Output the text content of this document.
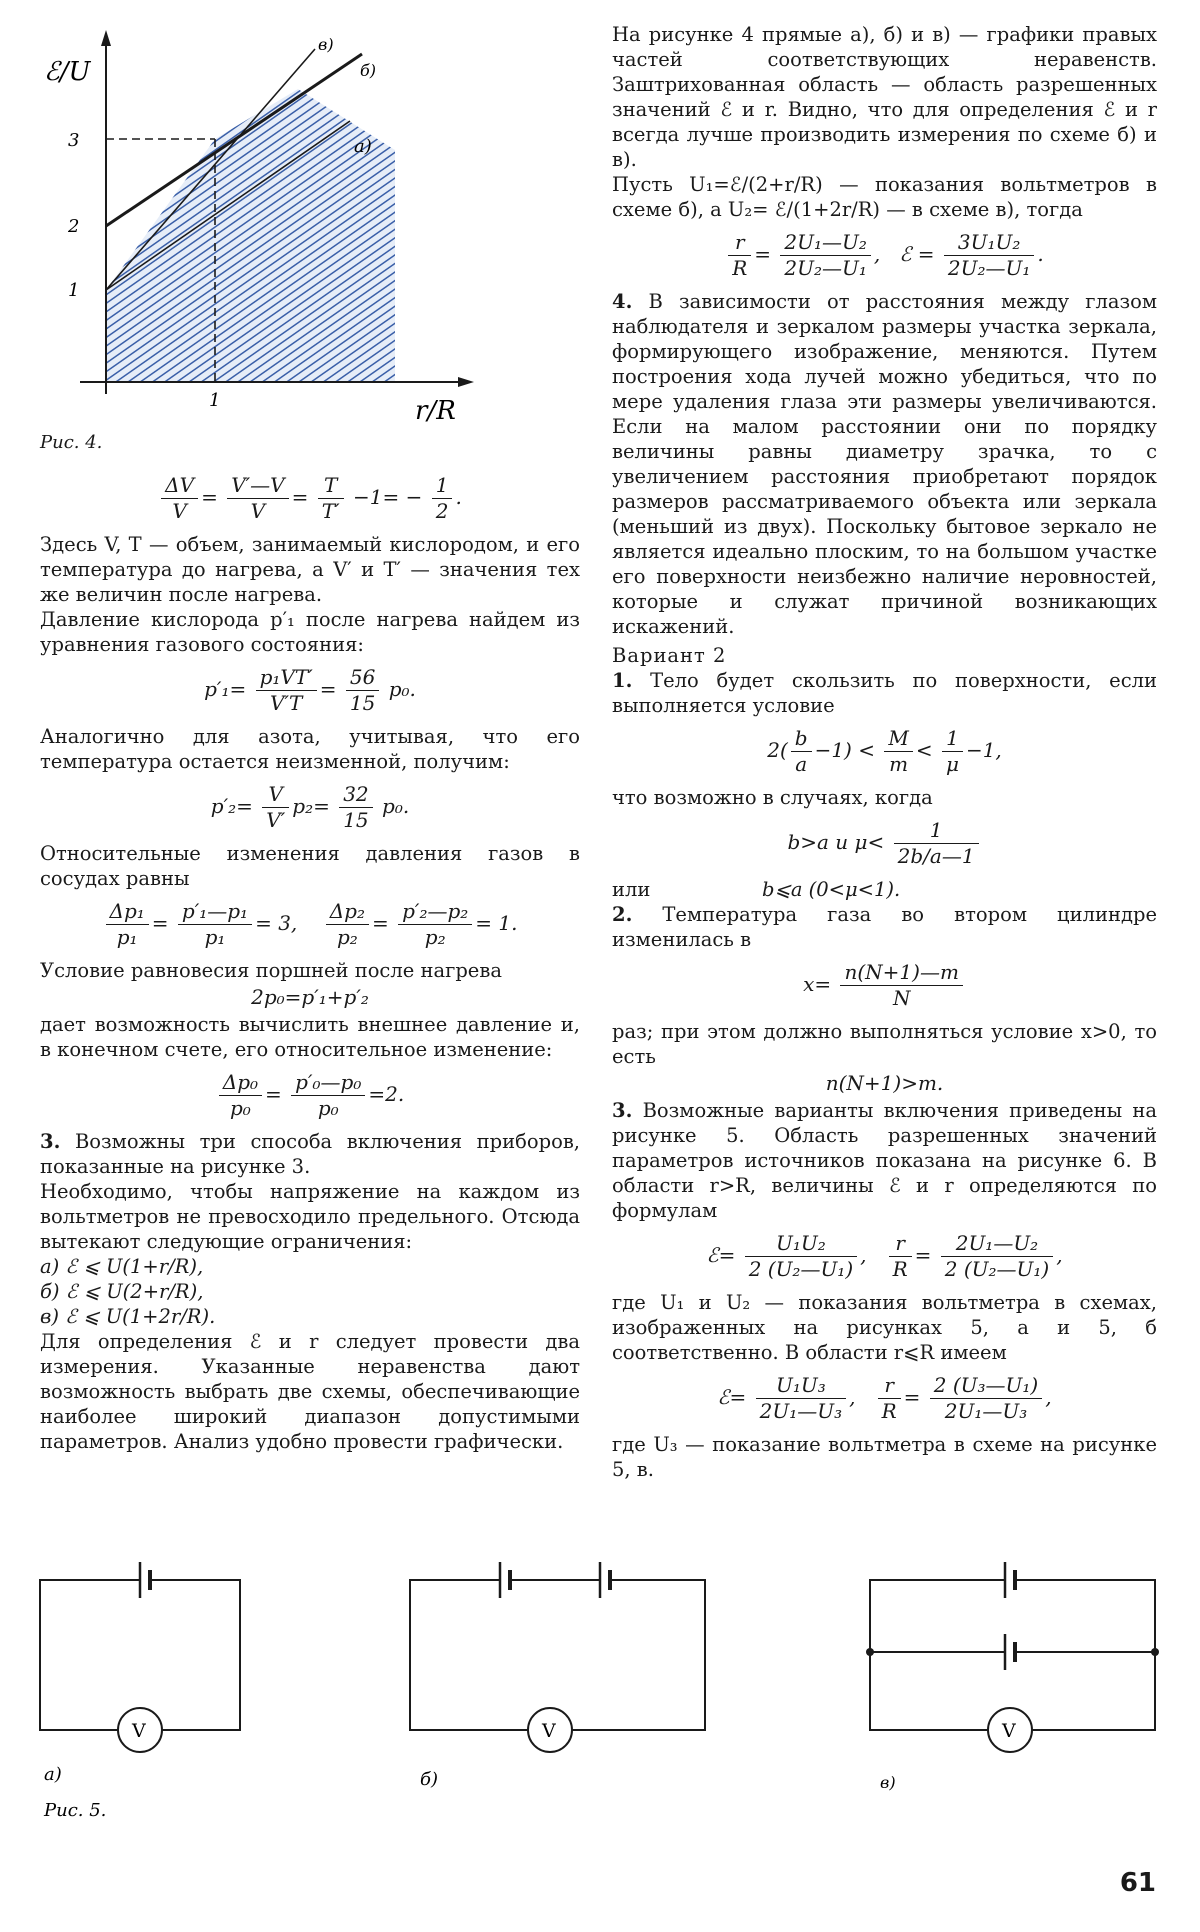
ℰ/U
r/R
1
2
3
1
в)
б)
а)
Рис. 4.
$\frac{\Delta V}{V} = \frac{V'—V}{V} = \frac{T}{T'} -1= - \frac{1}{2}$ .

Здесь V, T — объем, занимаемый кислородом, и его температура до нагрева, а V′ и T′ — значения тех же величин после нагрева.

Давление кислорода p′₁ после нагрева найдем из уравнения газового состояния:

$p'_1= \frac{\text{p₁VT′}}{V'T} = \frac{56}{15} p_0$.

Аналогично для азота, учитывая, что его температура остается неизменной, получим:

$p'_2= \frac{V}{V'} p_2= \frac{32}{15} p_0$.

Относительные изменения давления газов в сосудах равны

$\frac{\text{Δp₁}}{\text{p₁}} = \frac{\text{p′₁—p₁}}{\text{p₁}} = 3$, $\frac{\text{Δp₂}}{\text{p₂}} = \frac{\text{p′₂—p₂}}{\text{p₂}} = 1$.

Условие равновесия поршней после нагрева

2p₀=p′₁+p′₂

дает возможность вычислить внешнее давление и, в конечном счете, его относительное изменение:

$\frac{\text{Δp₀}}{\text{p₀}} = \frac{\text{p′₀—p₀}}{\text{p₀}} =2$.

3. Возможны три способа включения приборов, показанные на рисунке 3.

Необходимо, чтобы напряжение на каждом из вольтметров не превосходило предельного. Отсюда вытекают следующие ограничения:

а) ℰ ⩽ U(1+r/R),
б) ℰ ⩽ U(2+r/R),
в) ℰ ⩽ U(1+2r/R).

Для определения ℰ и r следует провести два измерения. Указанные неравенства дают возможность выбрать две схемы, обеспечивающие наиболее широкий диапазон допустимыми параметров. Анализ удобно провести графически.

На рисунке 4 прямые а), б) и в) — графики правых частей соответствующих неравенств. Заштрихованная область — область разрешенных значений ℰ и r. Видно, что для определения ℰ и r всегда лучше производить измерения по схеме б) и в).

Пусть U₁=ℰ/(2+r/R) — показания вольтметров в схеме б), а U₂= ℰ/(1+2r/R) — в схеме в), тогда

$\frac{r}{R} = \frac{\text{2U₁—U₂}}{\text{2U₂—U₁}}$ , ℰ = $\frac{\text{3U₁U₂}}{\text{2U₂—U₁}}$ .

4. В зависимости от расстояния между глазом наблюдателя и зеркалом размеры участка зеркала, формирующего изображение, меняются. Путем построения хода лучей можно убедиться, что по мере удаления глаза эти размеры увеличиваются. Если на малом расстоянии они по порядку величины равны диаметру зрачка, то с увеличением расстояния приобретают порядок размеров рассматриваемого объекта или зеркала (меньший из двух). Поскольку бытовое зеркало не является идеально плоским, то на большом участке его поверхности неизбежно наличие неровностей, которые и служат причиной возникающих искажений.

Вариант 2

1. Тело будет скользить по поверхности, если выполняется условие

$2( \frac{b}{a} -1) < \frac{M}{m} < \frac{1}{\mu} -1$,

что возможно в случаях, когда

b>a и $\mu< \frac{1}{2b/a—1}$
или	b⩽a (0<μ<1).

2. Температура газа во втором цилиндре изменилась в

$x= \frac{n(N+1)—m}{N}$

раз; при этом должно выполняться условие x>0, то есть

n(N+1)>m.

3. Возможные варианты включения приведены на рисунке 5. Область разрешенных значений параметров источников показана на рисунке 6. В области r>R, величины ℰ и r определяются по формулам

ℰ= $\frac{\text{U₁U₂}}{\text{2 (U₂—U₁)}}$ , $\frac{r}{R} = \frac{\text{2U₁—U₂}}{\text{2 (U₂—U₁)}}$ ,

где U₁ и U₂ — показания вольтметра в схемах, изображенных на рисунках 5, а и 5, б соответственно. В области r⩽R имеем

ℰ= $\frac{\text{U₁U₃}}{\text{2U₁—U₃}}$ , $\frac{r}{R} = \frac{\text{2 (U₃—U₁)}}{\text{2U₁—U₃}}$ ,

где U₃ — показание вольтметра в схеме на рисунке 5, в.

V	V	V
а)	б)	в)
Рис. 5.
61
